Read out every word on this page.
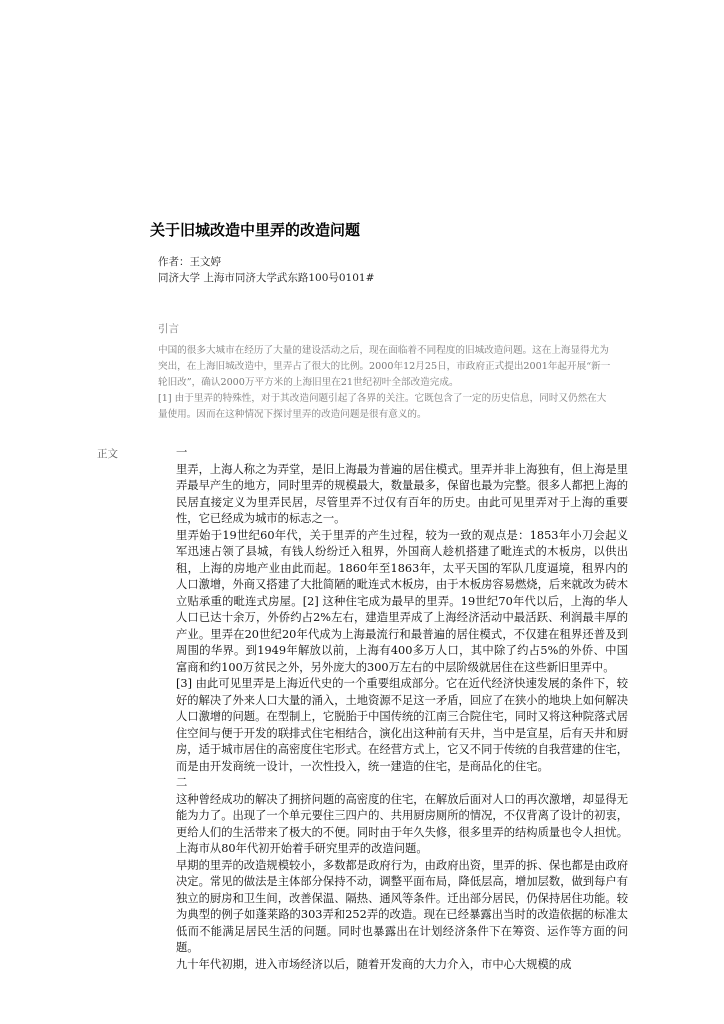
关于旧城改造中里弄的改造问题
作者：王文婷
同济大学 上海市同济大学武东路100号0101#
引言

中国的很多大城市在经历了大量的建设活动之后，现在面临着不同程度的旧城改造问题。这在上海显得尤为突出，在上海旧城改造中，里弄占了很大的比例。2000年12月25日，市政府正式提出2001年起开展“新一轮旧改”，确认2000万平方米的上海旧里在21世纪初叶全部改造完成。

[1] 由于里弄的特殊性，对于其改造问题引起了各界的关注。它既包含了一定的历史信息，同时又仍然在大量使用。因而在这种情况下探讨里弄的改造问题是很有意义的。

正文	一

里弄，上海人称之为弄堂，是旧上海最为普遍的居住模式。里弄并非上海独有，但上海是里弄最早产生的地方，同时里弄的规模最大，数量最多，保留也最为完整。很多人都把上海的民居直接定义为里弄民居，尽管里弄不过仅有百年的历史。由此可见里弄对于上海的重要性，它已经成为城市的标志之一。

里弄始于19世纪60年代，关于里弄的产生过程，较为一致的观点是：1853年小刀会起义军迅速占领了县城，有钱人纷纷迁入租界，外国商人趁机搭建了毗连式的木板房，以供出租，上海的房地产业由此而起。1860年至1863年，太平天国的军队几度逼境，租界内的人口激增，外商又搭建了大批简陋的毗连式木板房，由于木板房容易燃烧，后来就改为砖木立贴承重的毗连式房屋。[2] 这种住宅成为最早的里弄。19世纪70年代以后，上海的华人人口已达十余万，外侨约占2%左右，建造里弄成了上海经济活动中最活跃、利润最丰厚的产业。里弄在20世纪20年代成为上海最流行和最普遍的居住模式，不仅建在租界还普及到周围的华界。到1949年解放以前，上海有400多万人口，其中除了约占5%的外侨、中国富商和约100万贫民之外，另外庞大的300万左右的中层阶级就居住在这些新旧里弄中。

[3] 由此可见里弄是上海近代史的一个重要组成部分。它在近代经济快速发展的条件下，较好的解决了外来人口大量的涌入，土地资源不足这一矛盾，回应了在狭小的地块上如何解决人口激增的问题。在型制上，它脱胎于中国传统的江南三合院住宅，同时又将这种院落式居住空间与便于开发的联排式住宅相结合，演化出这种前有天井，当中是宣星，后有天井和厨房，适于城市居住的高密度住宅形式。在经营方式上，它又不同于传统的自我营建的住宅，而是由开发商统一设计，一次性投入，统一建造的住宅，是商品化的住宅。

二

这种曾经成功的解决了拥挤问题的高密度的住宅，在解放后面对人口的再次激增，却显得无能为力了。出现了一个单元要住三四户的、共用厨房厕所的情况，不仅背离了设计的初衷，更给人们的生活带来了极大的不便。同时由于年久失修，很多里弄的结构质量也令人担忧。上海市从80年代初开始着手研究里弄的改造问题。

早期的里弄的改造规模较小，多数都是政府行为，由政府出资，里弄的拆、保也都是由政府决定。常见的做法是主体部分保持不动，调整平面布局，降低层高，增加层数，做到每户有独立的厨房和卫生间，改善保温、隔热、通风等条件。迁出部分居民，仍保持居住功能。较为典型的例子如蓬莱路的303弄和252弄的改造。现在已经暴露出当时的改造依据的标准太低而不能满足居民生活的问题。同时也暴露出在计划经济条件下在筹资、运作等方面的问题。

九十年代初期，进入市场经济以后，随着开发商的大力介入，市中心大规模的成
